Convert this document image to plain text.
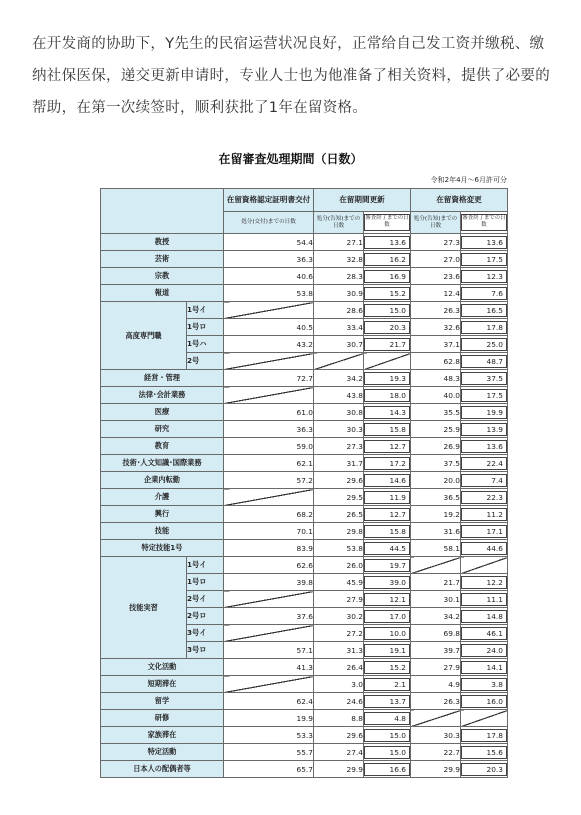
在开发商的协助下，Y先生的民宿运营状况良好，正常给自己发工资并缴税、缴

纳社保医保，递交更新申请时，专业人士也为他准备了相关资料，提供了必要的

帮助，在第一次续签时，顺利获批了1年在留资格。

在留審査処理期間（日数）
令和2年4月～6月許可分
		在留資格認定証明書交付	在留期間更新		在留資格変更	
		処分(交付)までの日数	処分(告知)までの日数	審査終了までの日数	処分(告知)までの日数	審査終了までの日数

教授		54.4	27.1	13.6	27.3	13.6

芸術		36.3	32.8	16.2	27.0	17.5

宗教		40.6	28.3	16.9	23.6	12.3

報道		53.8	30.9	15.2	12.4	7.6

高度専門職	1号イ		28.6	15.0	26.3	16.5

	1号ロ	40.5	33.4	20.3	32.6	17.8

	1号ハ	43.2	30.7	21.7	37.1	25.0

	2号				62.8	48.7

経営・管理		72.7	34.2	19.3	48.3	37.5

法律･会計業務			43.8	18.0	40.0	17.5

医療		61.0	30.8	14.3	35.5	19.9

研究		36.3	30.3	15.8	25.9	13.9

教育		59.0	27.3	12.7	26.9	13.6

技術･人文知識･国際業務		62.1	31.7	17.2	37.5	22.4

企業内転勤		57.2	29.6	14.6	20.0	7.4

介護			29.5	11.9	36.5	22.3

興行		68.2	26.5	12.7	19.2	11.2

技能		70.1	29.8	15.8	31.6	17.1

特定技能1号		83.9	53.8	44.5	58.1	44.6

技能実習	1号イ	62.6	26.0	19.7		

	1号ロ	39.8	45.9	39.0	21.7	12.2

	2号イ		27.9	12.1	30.1	11.1

	2号ロ	37.6	30.2	17.0	34.2	14.8

	3号イ		27.2	10.0	69.8	46.1

	3号ロ	57.1	31.3	19.1	39.7	24.0

文化活動		41.3	26.4	15.2	27.9	14.1

短期滞在			3.0	2.1	4.9	3.8

留学		62.4	24.6	13.7	26.3	16.0

研修		19.9	8.8	4.8		

家族滞在		53.3	29.6	15.0	30.3	17.8

特定活動		55.7	27.4	15.0	22.7	15.6

日本人の配偶者等		65.7	29.9	16.6	29.9	20.3
